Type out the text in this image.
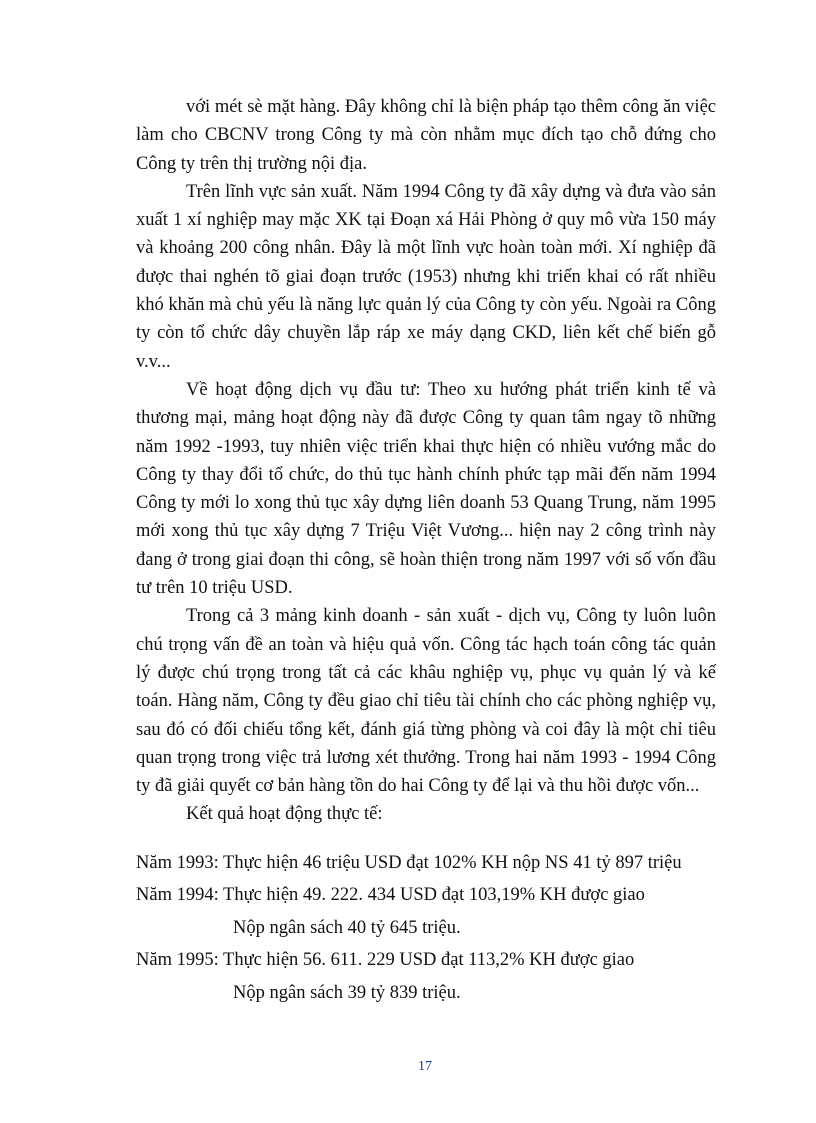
với mét sè mặt hàng. Đây không chỉ là biện pháp tạo thêm công ăn việc làm cho CBCNV trong Công ty mà còn nhằm mục đích tạo chỗ đứng cho Công ty trên thị trường nội địa.

Trên lĩnh vực sản xuất. Năm 1994 Công ty đã xây dựng và đưa vào sản xuất 1 xí nghiệp may mặc XK tại Đoạn xá Hải Phòng ở quy mô vừa 150 máy và khoảng 200 công nhân. Đây là một lĩnh vực hoàn toàn mới. Xí nghiệp đã được thai nghén tõ giai đoạn trước (1953) nhưng khi triển khai có rất nhiều khó khăn mà chủ yếu là năng lực quản lý của Công ty còn yếu. Ngoài ra Công ty còn tổ chức dây chuyền lắp ráp xe máy dạng CKD, liên kết chế biến gỗ v.v...

Về hoạt động dịch vụ đầu tư: Theo xu hướng phát triển kinh tế và thương mại, mảng hoạt động này đã được Công ty quan tâm ngay tõ những năm 1992 -1993, tuy nhiên việc triển khai thực hiện có nhiều vướng mắc do Công ty thay đổi tổ chức, do thủ tục hành chính phức tạp mãi đến năm 1994 Công ty mới lo xong thủ tục xây dựng liên doanh 53 Quang Trung, năm 1995 mới xong thủ tục xây dựng 7 Triệu Việt Vương... hiện nay 2 công trình này đang ở trong giai đoạn thi công, sẽ hoàn thiện trong năm 1997 với số vốn đầu tư trên 10 triệu USD.

Trong cả 3 mảng kinh doanh - sản xuất - dịch vụ, Công ty luôn luôn chú trọng vấn đề an toàn và hiệu quả vốn. Công tác hạch toán công tác quản lý được chú trọng trong tất cả các khâu nghiệp vụ, phục vụ quản lý và kế toán. Hàng năm, Công ty đều giao chỉ tiêu tài chính cho các phòng nghiệp vụ, sau đó có đối chiếu tổng kết, đánh giá từng phòng và coi đây là một chỉ tiêu quan trọng trong việc trả lương xét thưởng. Trong hai năm 1993 - 1994 Công ty đã giải quyết cơ bản hàng tồn do hai Công ty để lại và thu hồi được vốn...

Kết quả hoạt động thực tế:

Năm 1993: Thực hiện 46 triệu USD đạt 102% KH nộp NS 41 tỷ 897 triệu
Năm 1994: Thực hiện 49. 222. 434 USD đạt 103,19% KH được giao
Nộp ngân sách 40 tỷ 645 triệu.
Năm 1995: Thực hiện 56. 611. 229 USD đạt 113,2% KH được giao
Nộp ngân sách 39 tỷ 839 triệu.
17
